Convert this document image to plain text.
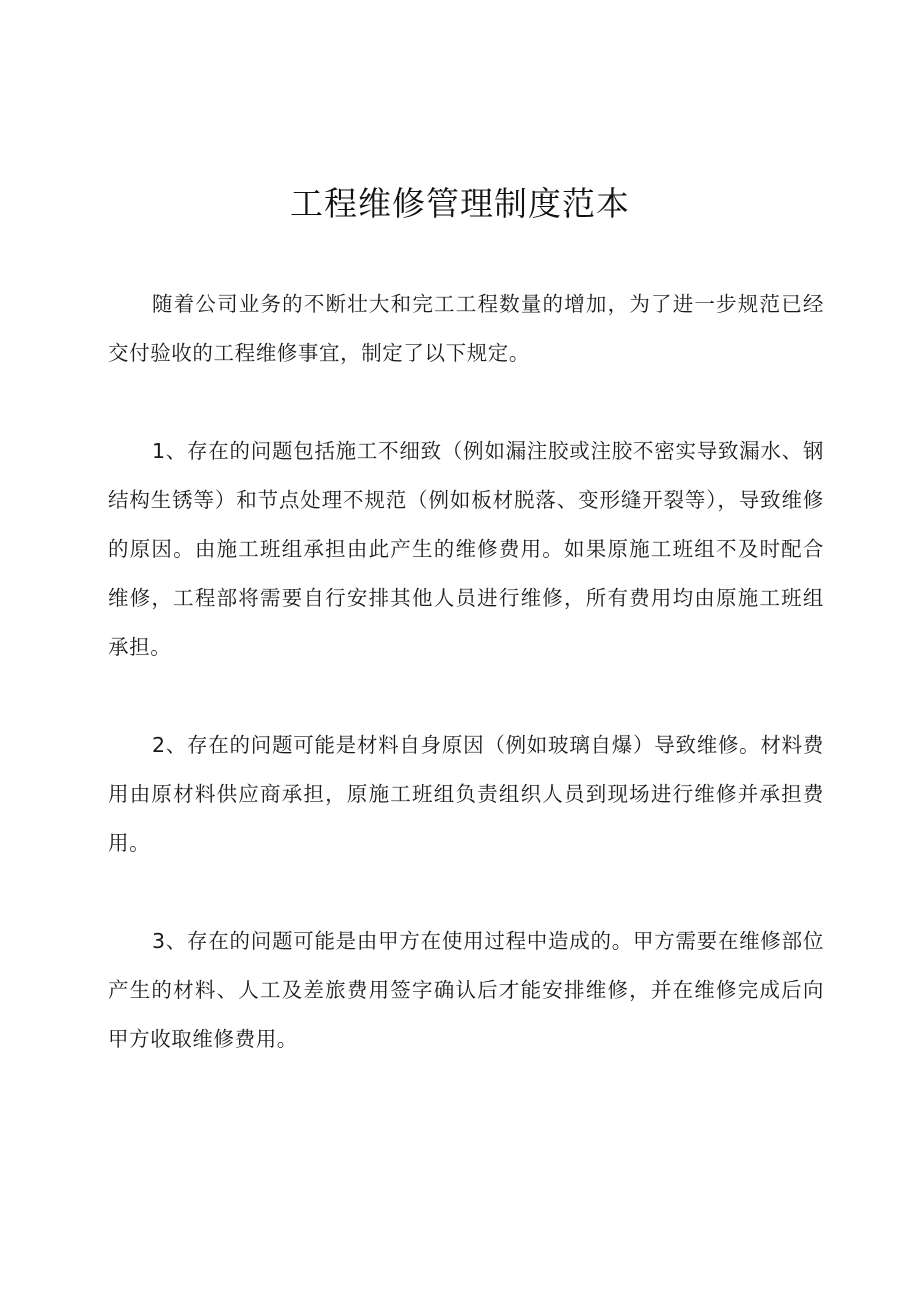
工程维修管理制度范本

随着公司业务的不断壮大和完工工程数量的增加，为了进一步规范已经交付验收的工程维修事宜，制定了以下规定。

1、存在的问题包括施工不细致（例如漏注胶或注胶不密实导致漏水、钢结构生锈等）和节点处理不规范（例如板材脱落、变形缝开裂等），导致维修的原因。由施工班组承担由此产生的维修费用。如果原施工班组不及时配合维修，工程部将需要自行安排其他人员进行维修，所有费用均由原施工班组承担。

2、存在的问题可能是材料自身原因（例如玻璃自爆）导致维修。材料费用由原材料供应商承担，原施工班组负责组织人员到现场进行维修并承担费用。

3、存在的问题可能是由甲方在使用过程中造成的。甲方需要在维修部位产生的材料、人工及差旅费用签字确认后才能安排维修，并在维修完成后向甲方收取维修费用。
